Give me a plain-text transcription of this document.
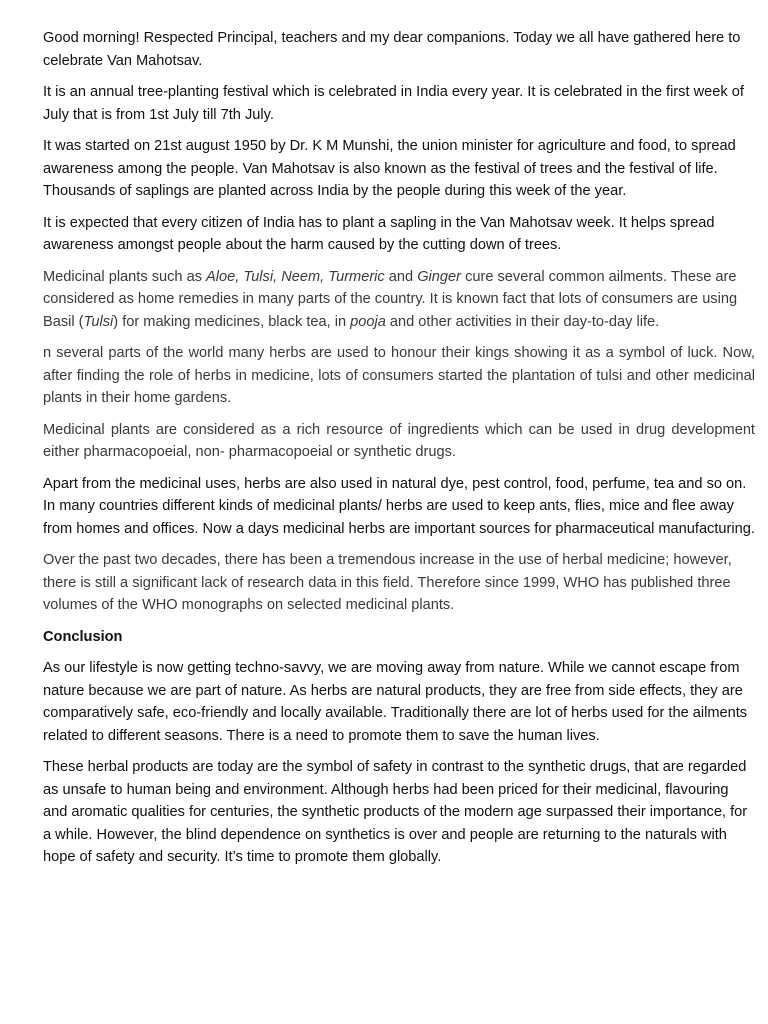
Good morning! Respected Principal, teachers and my dear companions. Today we all have gathered here to celebrate Van Mahotsav.

It is an annual tree-planting festival which is celebrated in India every year. It is celebrated in the first week of July that is from 1st July till 7th July.

It was started on 21st august 1950 by Dr. K M Munshi, the union minister for agriculture and food, to spread awareness among the people. Van Mahotsav is also known as the festival of trees and the festival of life. Thousands of saplings are planted across India by the people during this week of the year.

It is expected that every citizen of India has to plant a sapling in the Van Mahotsav week. It helps spread awareness amongst people about the harm caused by the cutting down of trees.

Medicinal plants such as Aloe, Tulsi, Neem, Turmeric and Ginger cure several common ailments. These are considered as home remedies in many parts of the country. It is known fact that lots of consumers are using Basil (Tulsi) for making medicines, black tea, in pooja and other activities in their day-to-day life.

n several parts of the world many herbs are used to honour their kings showing it as a symbol of luck. Now, after finding the role of herbs in medicine, lots of consumers started the plantation of tulsi and other medicinal plants in their home gardens.

Medicinal plants are considered as a rich resource of ingredients which can be used in drug development either pharmacopoeial, non- pharmacopoeial or synthetic drugs.

Apart from the medicinal uses, herbs are also used in natural dye, pest control, food, perfume, tea and so on. In many countries different kinds of medicinal plants/ herbs are used to keep ants, flies, mice and flee away from homes and offices. Now a days medicinal herbs are important sources for pharmaceutical manufacturing.

Over the past two decades, there has been a tremendous increase in the use of herbal medicine; however, there is still a significant lack of research data in this field. Therefore since 1999, WHO has published three volumes of the WHO monographs on selected medicinal plants.

Conclusion

As our lifestyle is now getting techno-savvy, we are moving away from nature. While we cannot escape from nature because we are part of nature. As herbs are natural products, they are free from side effects, they are comparatively safe, eco-friendly and locally available. Traditionally there are lot of herbs used for the ailments related to different seasons. There is a need to promote them to save the human lives.

These herbal products are today are the symbol of safety in contrast to the synthetic drugs, that are regarded as unsafe to human being and environment. Although herbs had been priced for their medicinal, flavouring and aromatic qualities for centuries, the synthetic products of the modern age surpassed their importance, for a while. However, the blind dependence on synthetics is over and people are returning to the naturals with hope of safety and security. It’s time to promote them globally.
